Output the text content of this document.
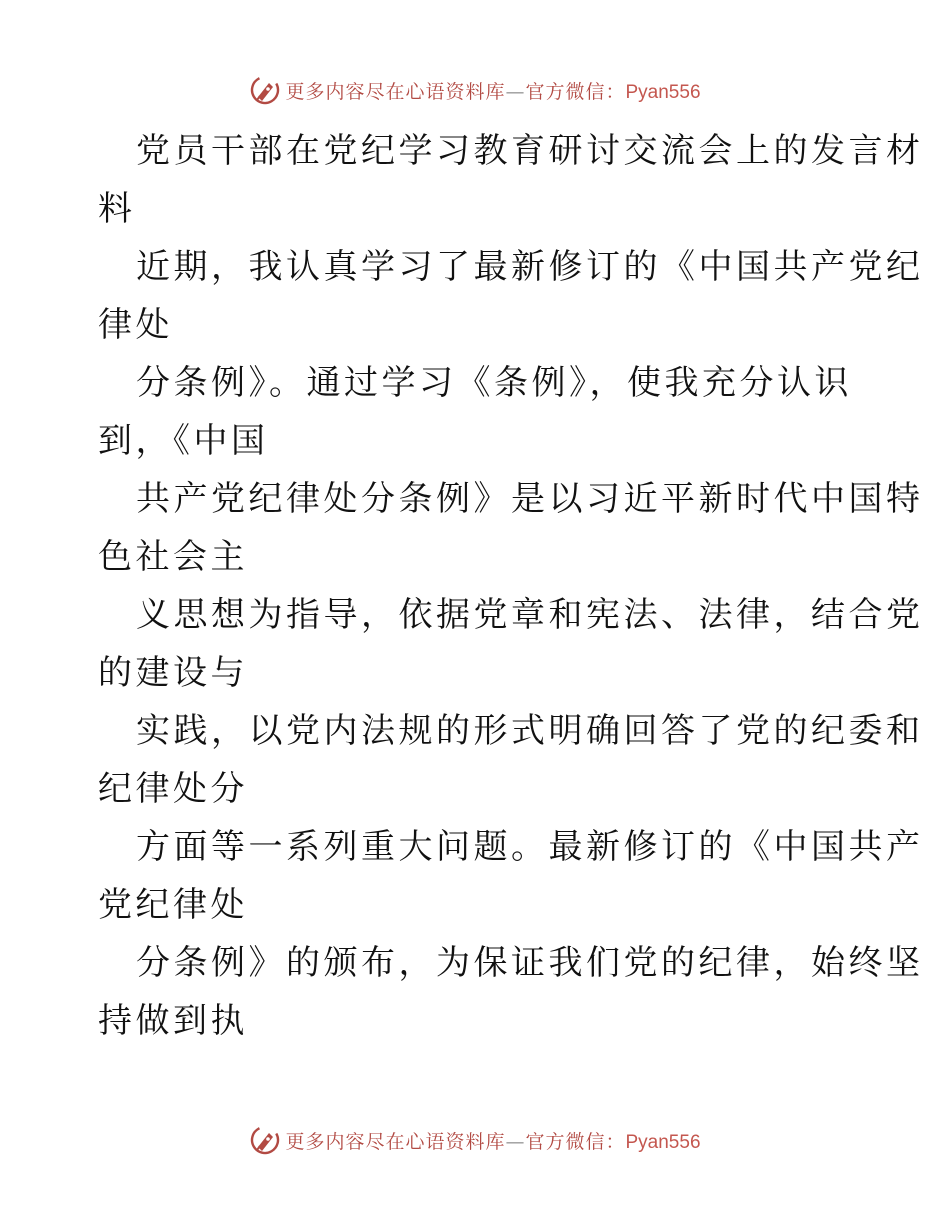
更多内容尽在心语资料库—官方微信：Pyan556
党员干部在党纪学习教育研讨交流会上的发言材
料
近期，我认真学习了最新修订的《中国共产党纪
律处
分条例》。通过学习《条例》，使我充分认识
到，《中国
共产党纪律处分条例》是以习近平新时代中国特
色社会主
义思想为指导，依据党章和宪法、法律，结合党
的建设与
实践，以党内法规的形式明确回答了党的纪委和
纪律处分
方面等一系列重大问题。最新修订的《中国共产
党纪律处
分条例》的颁布，为保证我们党的纪律，始终坚
持做到执
更多内容尽在心语资料库—官方微信：Pyan556
